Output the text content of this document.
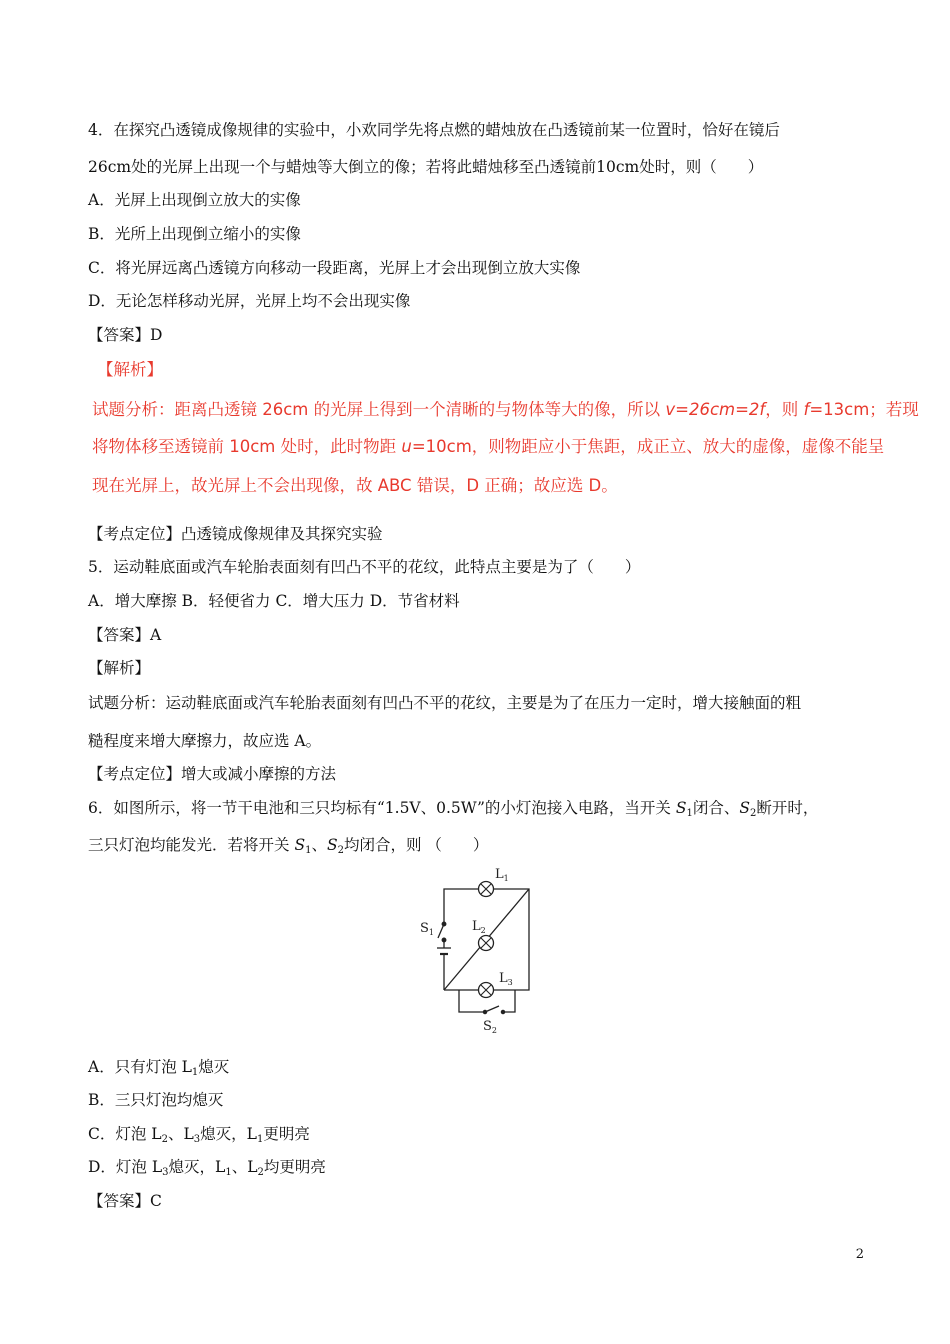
4．在探究凸透镜成像规律的实验中，小欢同学先将点燃的蜡烛放在凸透镜前某一位置时，恰好在镜后
26cm处的光屏上出现一个与蜡烛等大倒立的像；若将此蜡烛移至凸透镜前10cm处时，则（　　）
A．光屏上出现倒立放大的实像
B．光所上出现倒立缩小的实像
C．将光屏远离凸透镜方向移动一段距离，光屏上才会出现倒立放大实像
D．无论怎样移动光屏，光屏上均不会出现实像
【答案】D
【解析】
试题分析：距离凸透镜 26cm 的光屏上得到一个清晰的与物体等大的像，所以 v=26cm=2f，则 f=13cm；若现
将物体移至透镜前 10cm 处时，此时物距 u=10cm，则物距应小于焦距，成正立、放大的虚像，虚像不能呈
现在光屏上，故光屏上不会出现像，故 ABC 错误，D 正确；故应选 D。
【考点定位】凸透镜成像规律及其探究实验
5．运动鞋底面或汽车轮胎表面刻有凹凸不平的花纹，此特点主要是为了（　　）
A．增大摩擦 B．轻便省力 C．增大压力 D．节省材料
【答案】A
【解析】
试题分析：运动鞋底面或汽车轮胎表面刻有凹凸不平的花纹，主要是为了在压力一定时，增大接触面的粗
糙程度来增大摩擦力，故应选 A。
【考点定位】增大或减小摩擦的方法
6．如图所示，将一节干电池和三只均标有“1.5V、0.5W”的小灯泡接入电路，当开关 $S_1$闭合、$S_2$断开时，
三只灯泡均能发光．若将开关 $S_1$、$S_2$均闭合，则 （　　）
$L_1$
$L_2$
$L_3$
$S_1$
$S_2$
A．只有灯泡 $L_1$熄灭
B．三只灯泡均熄灭
C．灯泡 $L_2$、$L_3$熄灭，$L_1$更明亮
D．灯泡 $L_3$熄灭，$L_1$、$L_2$均更明亮
【答案】C
2
